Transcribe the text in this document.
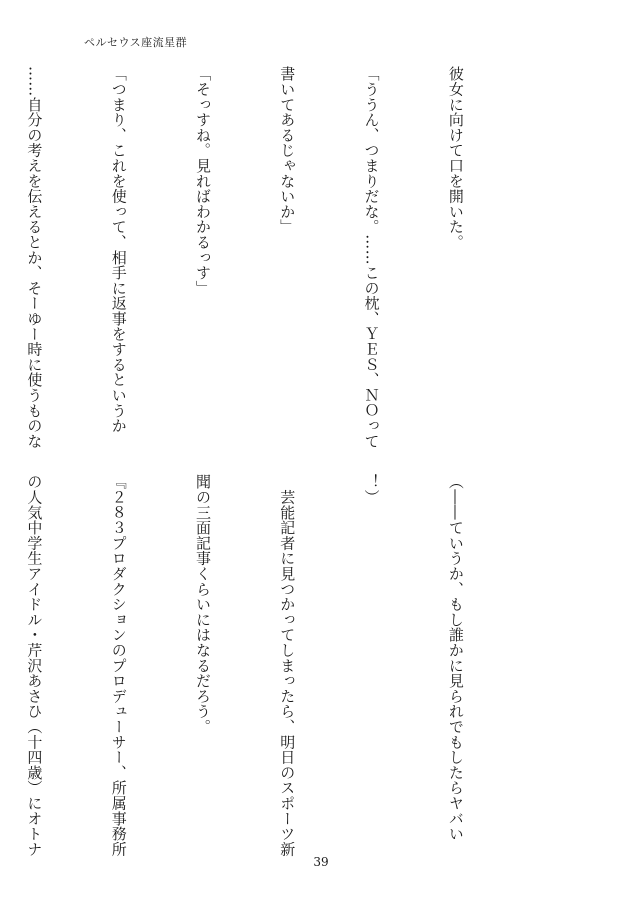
ペルセウス座流星群

彼女に向けて口を開いた。

「ううん、つまりだな。……この枕、ＹＥＳ、ＮＯって

書いてあるじゃないか」

「そっすね。見ればわかるっす」

「つまり、これを使って、相手に返事をするというか

……自分の考えを伝えるとか、そーゆー時に使うものな

（――ていうか、もし誰かに見られでもしたらヤバい

！）

　芸能記者に見つかってしまったら、明日のスポーツ新

聞の三面記事くらいにはなるだろう。

『２８３プロダクションのプロデューサー、所属事務所

の人気中学生アイドル・芹沢あさひ（十四歳）にオトナ

39
